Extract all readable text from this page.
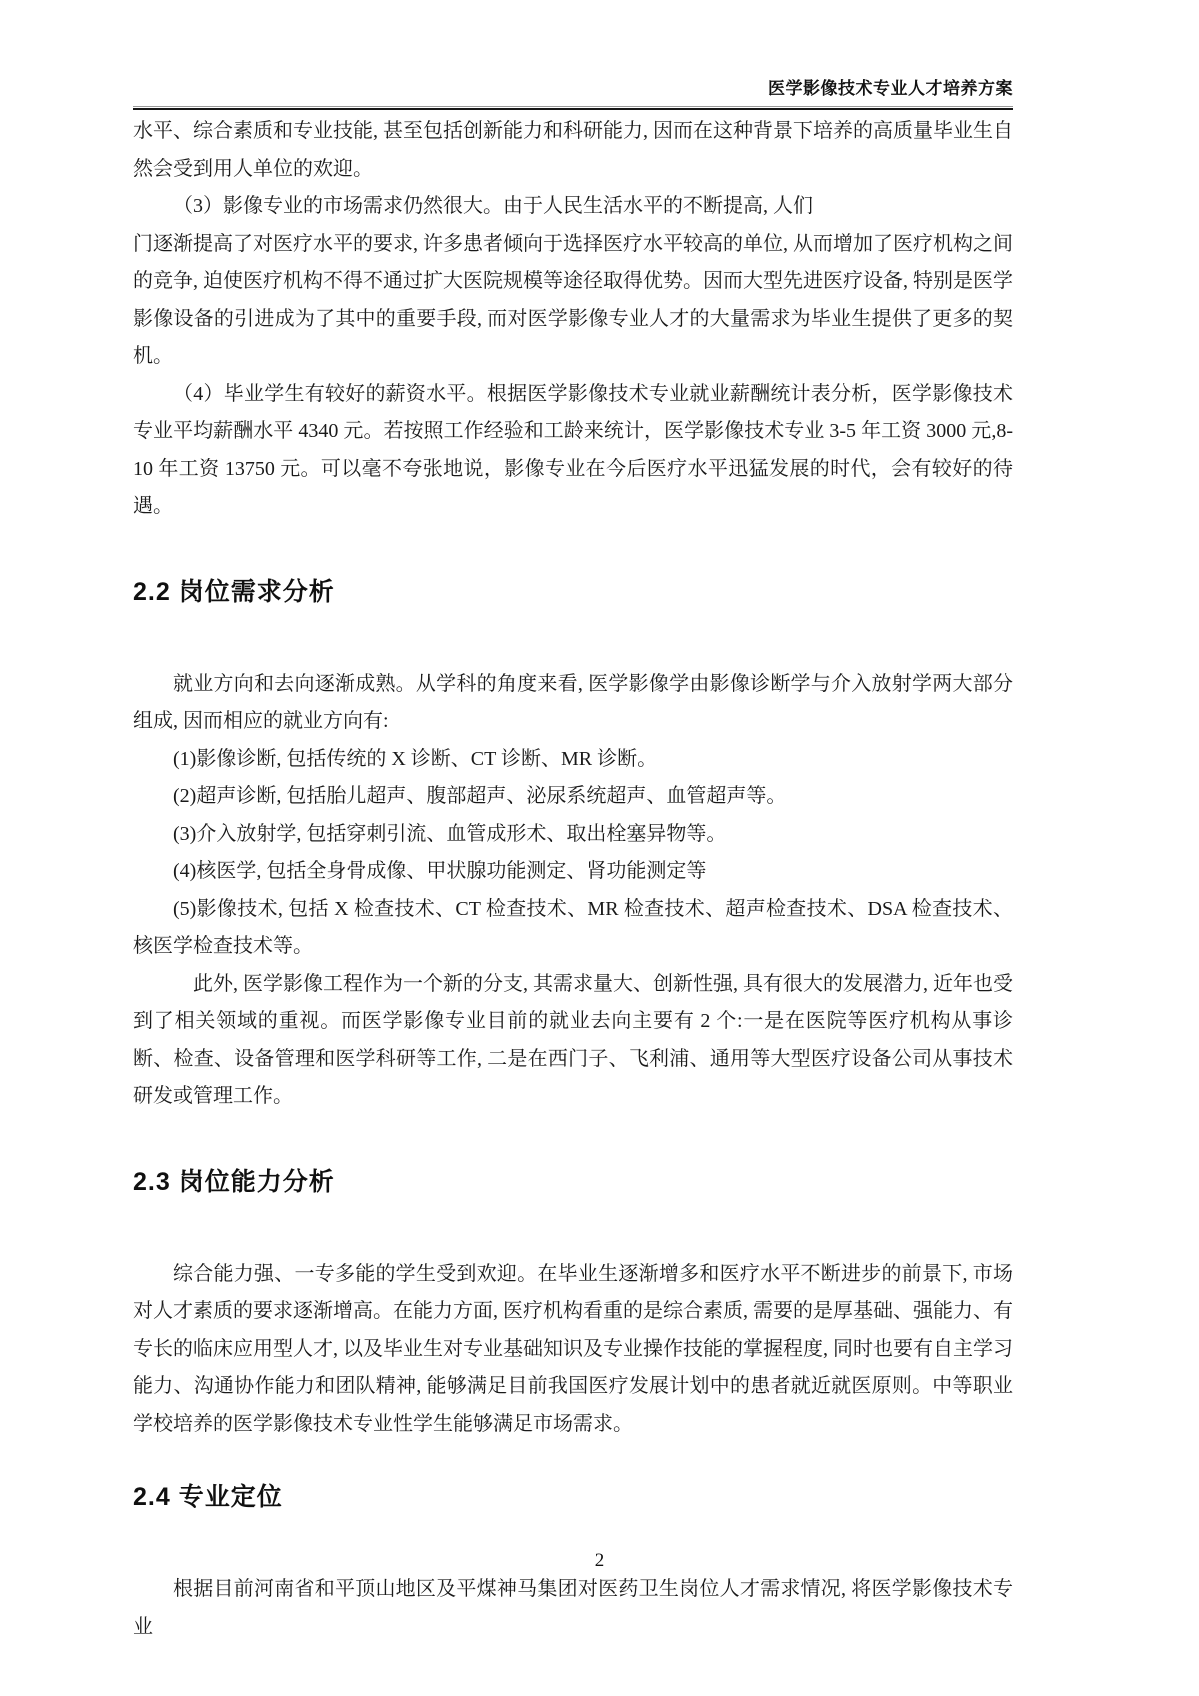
医学影像技术专业人才培养方案

水平、综合素质和专业技能, 甚至包括创新能力和科研能力, 因而在这种背景下培养的高质量毕业生自然会受到用人单位的欢迎。

（3）影像专业的市场需求仍然很大。由于人民生活水平的不断提高, 人们
门逐渐提高了对医疗水平的要求, 许多患者倾向于选择医疗水平较高的单位, 从而增加了医疗机构之间的竞争, 迫使医疗机构不得不通过扩大医院规模等途径取得优势。因而大型先进医疗设备, 特别是医学影像设备的引进成为了其中的重要手段, 而对医学影像专业人才的大量需求为毕业生提供了更多的契机。

（4）毕业学生有较好的薪资水平。根据医学影像技术专业就业薪酬统计表分析，医学影像技术专业平均薪酬水平 4340 元。若按照工作经验和工龄来统计，医学影像技术专业 3-5 年工资 3000 元,8-10 年工资 13750 元。可以毫不夸张地说，影像专业在今后医疗水平迅猛发展的时代，会有较好的待遇。

2.2 岗位需求分析

就业方向和去向逐渐成熟。从学科的角度来看, 医学影像学由影像诊断学与介入放射学两大部分组成, 因而相应的就业方向有:

(1)影像诊断, 包括传统的 X 诊断、CT 诊断、MR 诊断。

(2)超声诊断, 包括胎儿超声、腹部超声、泌尿系统超声、血管超声等。

(3)介入放射学, 包括穿刺引流、血管成形术、取出栓塞异物等。

(4)核医学, 包括全身骨成像、甲状腺功能测定、肾功能测定等

(5)影像技术, 包括 X 检查技术、CT 检查技术、MR 检查技术、超声检查技术、DSA 检查技术、核医学检查技术等。

此外, 医学影像工程作为一个新的分支, 其需求量大、创新性强, 具有很大的发展潜力, 近年也受到了相关领域的重视。而医学影像专业目前的就业去向主要有 2 个:一是在医院等医疗机构从事诊断、检查、设备管理和医学科研等工作, 二是在西门子、飞利浦、通用等大型医疗设备公司从事技术研发或管理工作。

2.3 岗位能力分析

综合能力强、一专多能的学生受到欢迎。在毕业生逐渐增多和医疗水平不断进步的前景下, 市场对人才素质的要求逐渐增高。在能力方面, 医疗机构看重的是综合素质, 需要的是厚基础、强能力、有专长的临床应用型人才, 以及毕业生对专业基础知识及专业操作技能的掌握程度, 同时也要有自主学习能力、沟通协作能力和团队精神, 能够满足目前我国医疗发展计划中的患者就近就医原则。中等职业学校培养的医学影像技术专业性学生能够满足市场需求。

2.4 专业定位

根据目前河南省和平顶山地区及平煤神马集团对医药卫生岗位人才需求情况, 将医学影像技术专业

2
